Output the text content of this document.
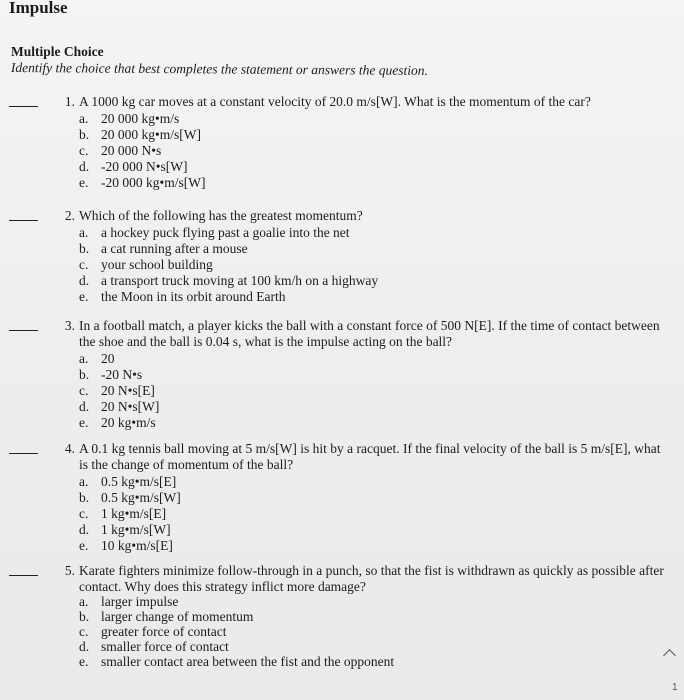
Impulse
Multiple Choice
Identify the choice that best completes the statement or answers the question.
1. A 1000 kg car moves at a constant velocity of 20.0 m/s[W]. What is the momentum of the car?
a. 20 000 kg•m/s
b. 20 000 kg•m/s[W]
c. 20 000 N•s
d. -20 000 N•s[W]
e. -20 000 kg•m/s[W]
2. Which of the following has the greatest momentum?
a. a hockey puck flying past a goalie into the net
b. a cat running after a mouse
c. your school building
d. a transport truck moving at 100 km/h on a highway
e. the Moon in its orbit around Earth
3. In a football match, a player kicks the ball with a constant force of 500 N[E]. If the time of contact between the shoe and the ball is 0.04 s, what is the impulse acting on the ball?
a. 20
b. -20 N•s
c. 20 N•s[E]
d. 20 N•s[W]
e. 20 kg•m/s
4. A 0.1 kg tennis ball moving at 5 m/s[W] is hit by a racquet. If the final velocity of the ball is 5 m/s[E], what is the change of momentum of the ball?
a. 0.5 kg•m/s[E]
b. 0.5 kg•m/s[W]
c. 1 kg•m/s[E]
d. 1 kg•m/s[W]
e. 10 kg•m/s[E]
5. Karate fighters minimize follow-through in a punch, so that the fist is withdrawn as quickly as possible after contact. Why does this strategy inflict more damage?
a. larger impulse
b. larger change of momentum
c. greater force of contact
d. smaller force of contact
e. smaller contact area between the fist and the opponent
1
